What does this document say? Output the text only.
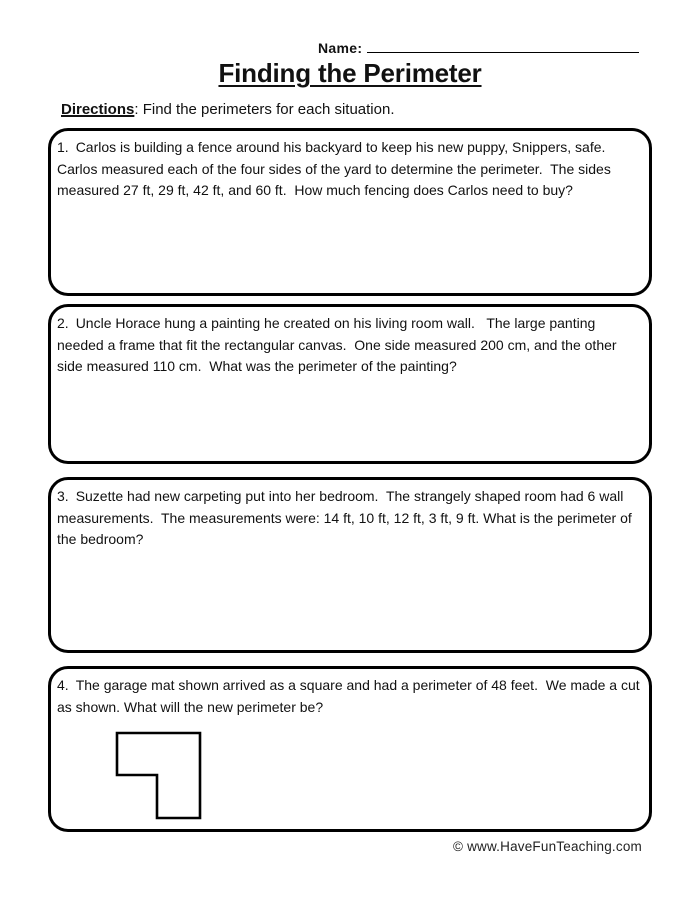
Name:
Finding the Perimeter

Directions: Find the perimeters for each situation.

1. Carlos is building a fence around his backyard to keep his new puppy, Snippers, safe.  Carlos measured each of the four sides of the yard to determine the perimeter.  The sides measured 27 ft, 29 ft, 42 ft, and 60 ft.  How much fencing does Carlos need to buy?

2. Uncle Horace hung a painting he created on his living room wall.   The large panting needed a frame that fit the rectangular canvas.  One side measured 200 cm, and the other side measured 110 cm.  What was the perimeter of the painting?

3. Suzette had new carpeting put into her bedroom.  The strangely shaped room had 6 wall measurements.  The measurements were: 14 ft, 10 ft, 12 ft, 3 ft, 9 ft. What is the perimeter of the bedroom?

4. The garage mat shown arrived as a square and had a perimeter of 48 feet.  We made a cut as shown. What will the new perimeter be?

© www.HaveFunTeaching.com
